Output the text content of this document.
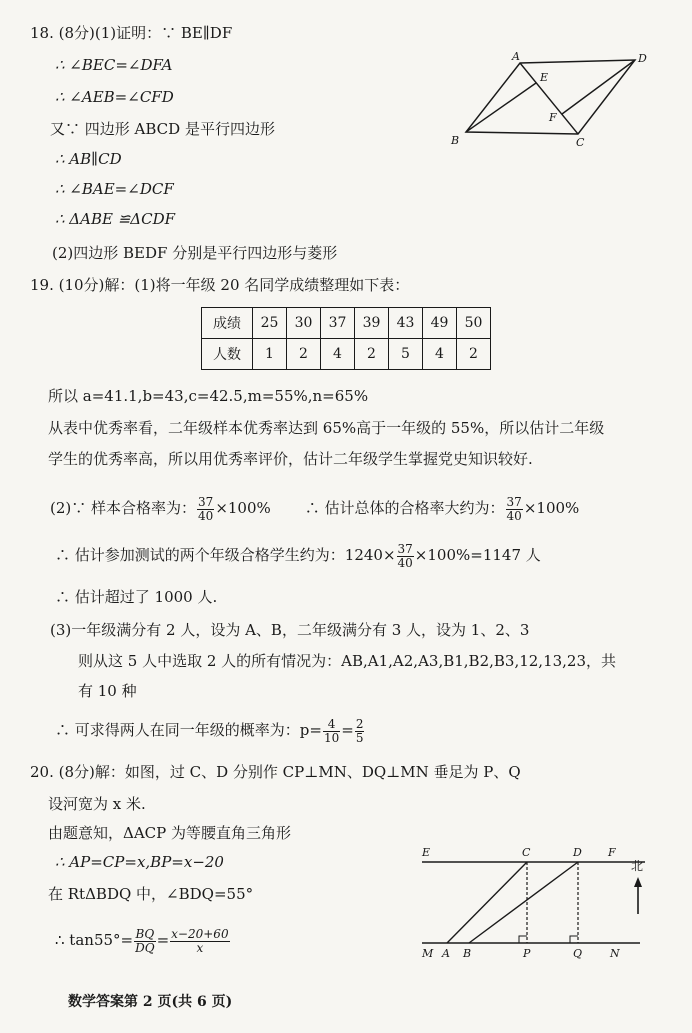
18. (8分)(1)证明：∵ BE∥DF
∴ ∠BEC=∠DFA
∴ ∠AEB=∠CFD
又∵ 四边形 ABCD 是平行四边形
∴ AB∥CD
∴ ∠BAE=∠DCF
∴ ΔABE ≌ΔCDF
(2)四边形 BEDF 分别是平行四边形与菱形
A	D
E
F
B	C
19. (10分)解：(1)将一年级 20 名同学成绩整理如下表：
成绩	25	30	37	39	43	49	50
人数	1	2	4	2	5	4	2
所以 a=41.1,b=43,c=42.5,m=55%,n=65%
从表中优秀率看，二年级样本优秀率达到 65%高于一年级的 55%，所以估计二年级
学生的优秀率高，所以用优秀率评价，估计二年级学生掌握党史知识较好.
(2)∵ 样本合格率为： $\frac{37}{40} \times 100\%$ ∴ 估计总体的合格率大约为： $\frac{37}{40} \times 100\%$
∴ 估计参加测试的两个年级合格学生约为：$1240\times \frac{37}{40} \times 100\%=1147$ 人
∴ 估计超过了 1000 人.
(3)一年级满分有 2 人，设为 A、B，二年级满分有 3 人，设为 1、2、3
则从这 5 人中选取 2 人的所有情况为：AB,A1,A2,A3,B1,B2,B3,12,13,23，共
有 10 种
∴ 可求得两人在同一年级的概率为：$p= \frac{4}{10} = \frac{2}{5}$
20. (8分)解：如图，过 C、D 分别作 CP⊥MN、DQ⊥MN 垂足为 P、Q
设河宽为 x 米.
由题意知，ΔACP 为等腰直角三角形
∴ AP=CP=x,BP=x−20
在 RtΔBDQ 中，∠BDQ=55°
∴ $\tan 55^\circ= \frac{BQ}{DQ} = \frac{x-20+60}{x}$
北
E	C	D F
M A B	P	Q	N
数学答案第 2 页(共 6 页)
